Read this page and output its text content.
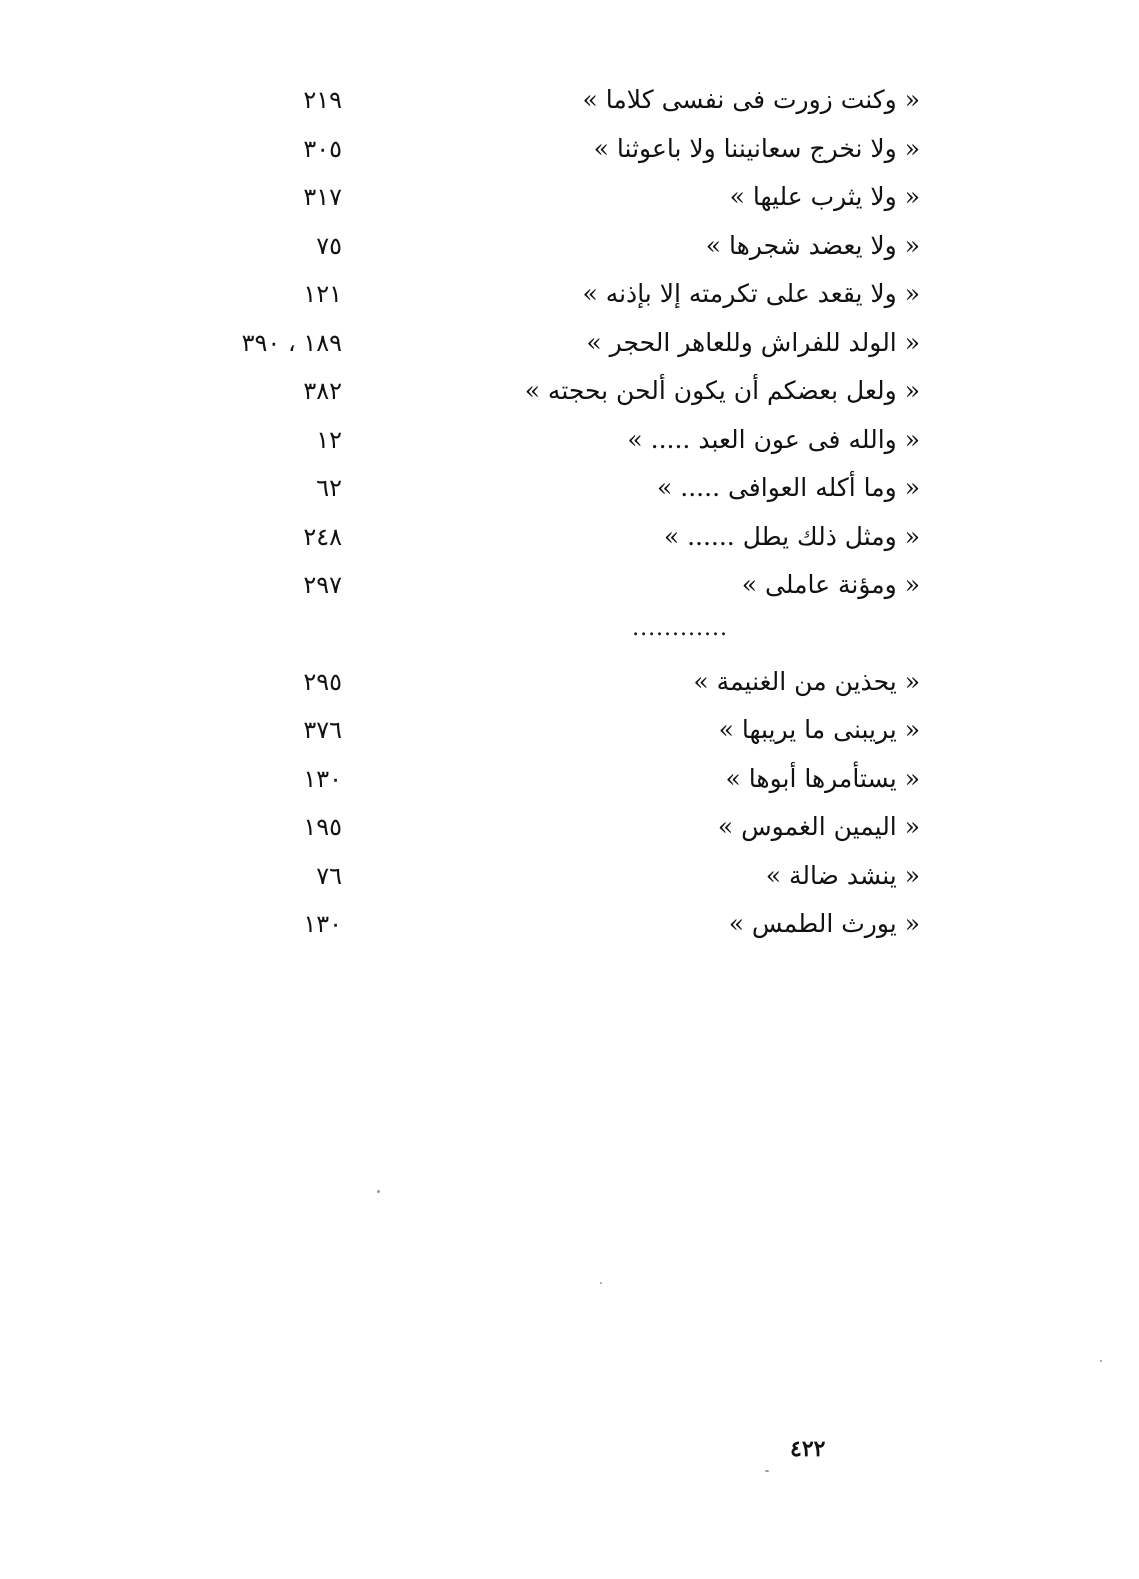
« وكنت زورت فى نفسى كلاما »
٢١٩
« ولا نخرج سعانيننا ولا باعوثنا »
٣٠٥
« ولا يثرب عليها »
٣١٧
« ولا يعضد شجرها »
٧٥
« ولا يقعد على تكرمته إلا بإذنه »
١٢١
« الولد للفراش وللعاهر الحجر »
١٨٩ ، ٣٩٠
« ولعل بعضكم أن يكون ألحن بحجته »
٣٨٢
« والله فى عون العبد ..... »
١٢
« وما أكله العوافى ..... »
٦٢
« ومثل ذلك يطل ...... »
٢٤٨
« ومؤنة عاملى »
٢٩٧
............
« يحذين من الغنيمة »
٢٩٥
« يريبنى ما يريبها »
٣٧٦
« يستأمرها أبوها »
١٣٠
« اليمين الغموس »
١٩٥
« ينشد ضالة »
٧٦
« يورث الطمس »
١٣٠
٤٢٢
